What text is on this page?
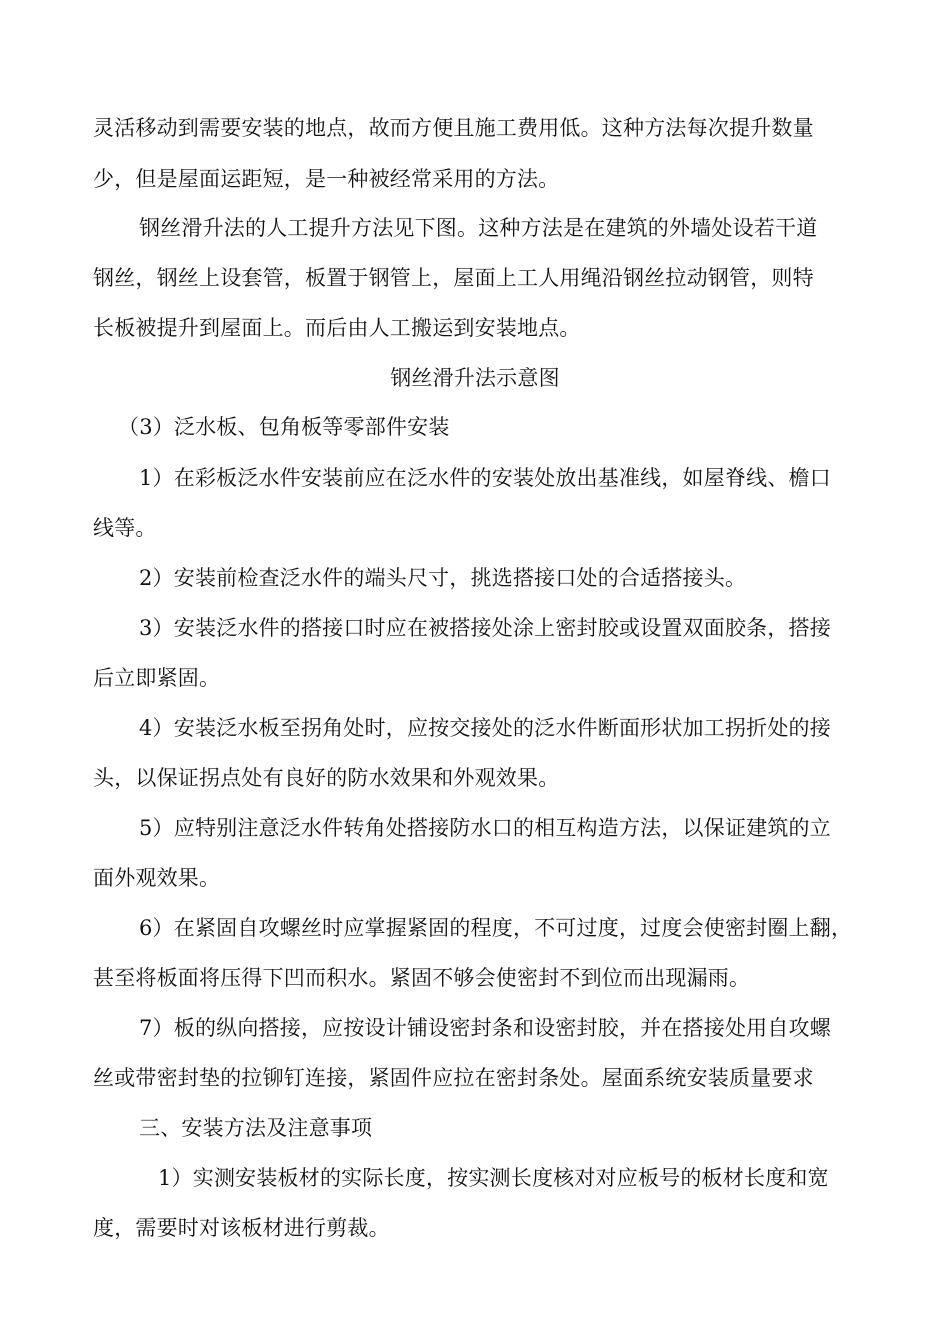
灵活移动到需要安装的地点，故而方便且施工费用低。这种方法每次提升数量
少，但是屋面运距短，是一种被经常采用的方法。
钢丝滑升法的人工提升方法见下图。这种方法是在建筑的外墙处设若干道
钢丝，钢丝上设套管，板置于钢管上，屋面上工人用绳沿钢丝拉动钢管，则特
长板被提升到屋面上。而后由人工搬运到安装地点。
钢丝滑升法示意图
（3）泛水板、包角板等零部件安装
1）在彩板泛水件安装前应在泛水件的安装处放出基准线，如屋脊线、檐口
线等。
2）安装前检查泛水件的端头尺寸，挑选搭接口处的合适搭接头。
3）安装泛水件的搭接口时应在被搭接处涂上密封胶或设置双面胶条，搭接
后立即紧固。
4）安装泛水板至拐角处时，应按交接处的泛水件断面形状加工拐折处的接
头，以保证拐点处有良好的防水效果和外观效果。
5）应特别注意泛水件转角处搭接防水口的相互构造方法，以保证建筑的立
面外观效果。
6）在紧固自攻螺丝时应掌握紧固的程度，不可过度，过度会使密封圈上翻，
甚至将板面将压得下凹而积水。紧固不够会使密封不到位而出现漏雨。
7）板的纵向搭接，应按设计铺设密封条和设密封胶，并在搭接处用自攻螺
丝或带密封垫的拉铆钉连接，紧固件应拉在密封条处。屋面系统安装质量要求
三、安装方法及注意事项
1）实测安装板材的实际长度，按实测长度核对对应板号的板材长度和宽
度，需要时对该板材进行剪裁。
